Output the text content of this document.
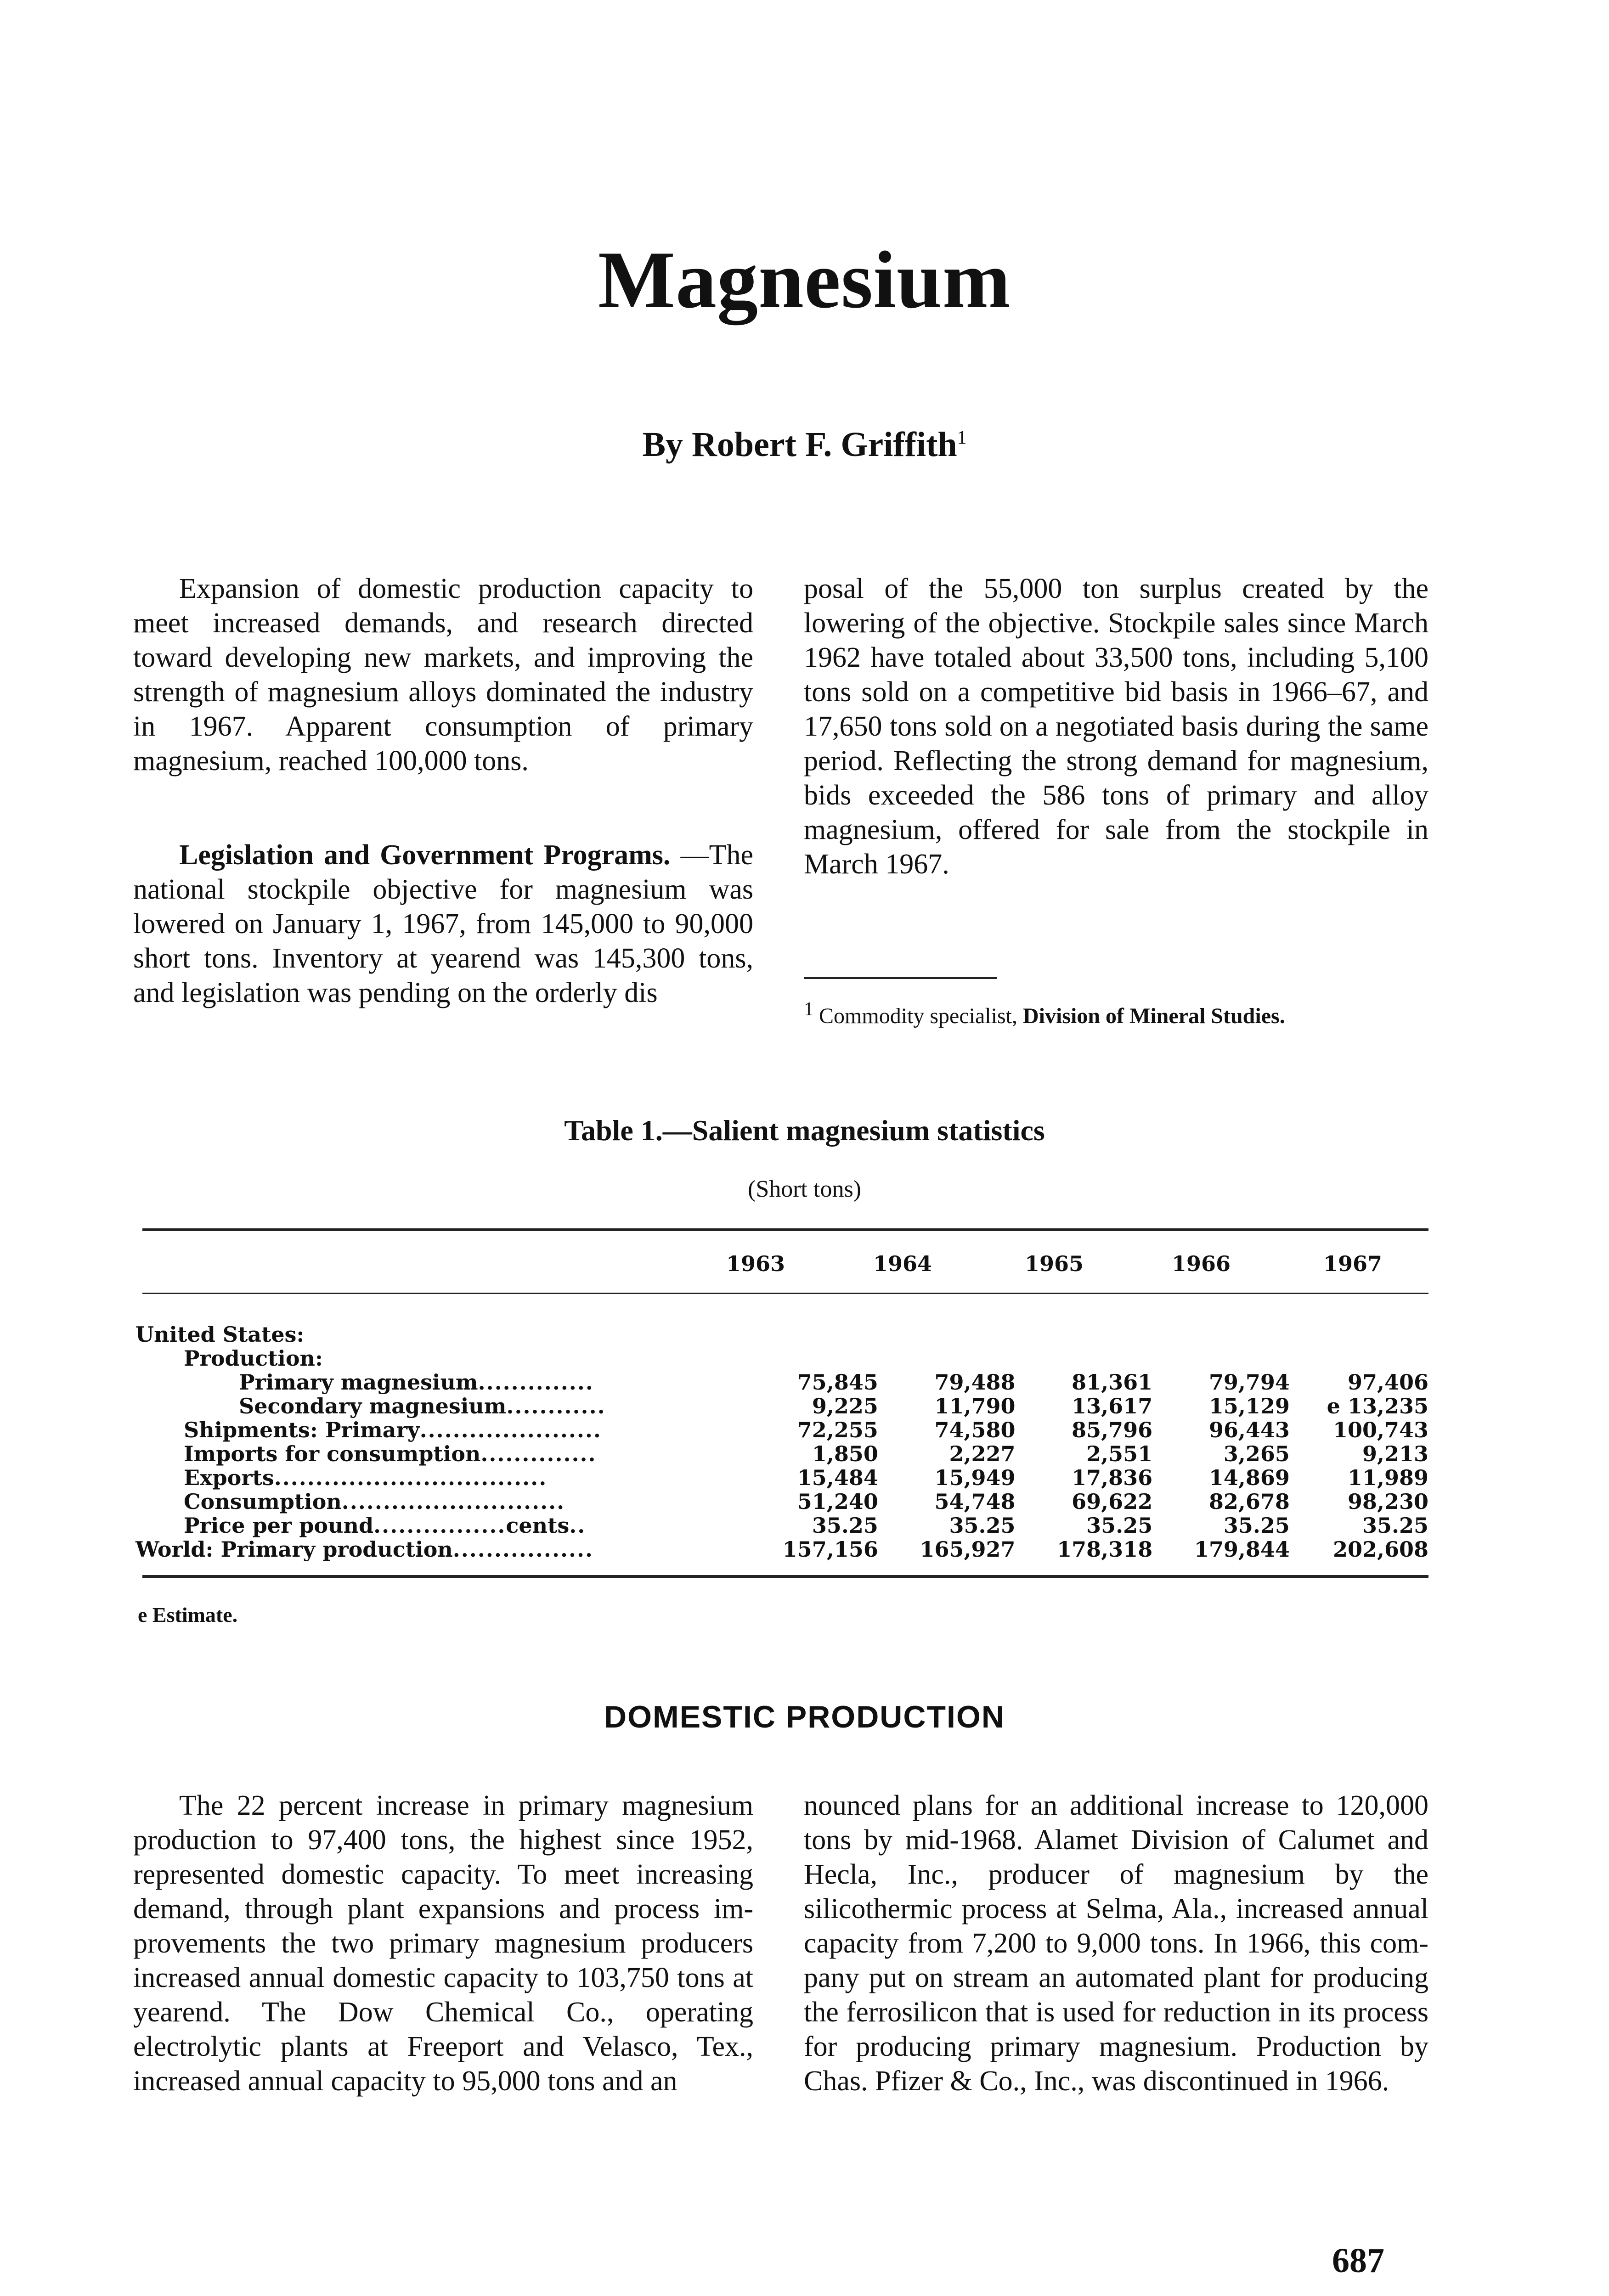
Magnesium
By Robert F. Griffith$^1$

Expansion of domestic production capacity to meet increased demands, and research directed toward developing new markets, and improving the strength of magnesium alloys dominated the industry in 1967. Apparent consumption of primary magnesium, reached 100,000 tons.

Legislation and Government Programs. —The national stockpile objective for magnesium was lowered on January 1, 1967, from 145,000 to 90,000 short tons. Inventory at yearend was 145,300 tons, and legislation was pending on the orderly dis

posal of the 55,000 ton surplus created by the lowering of the objective. Stockpile sales since March 1962 have totaled about 33,500 tons, including 5,100 tons sold on a competitive bid basis in 1966–67, and 17,650 tons sold on a negotiated basis during the same period. Reflecting the strong demand for magnesium, bids exceeded the 586 tons of primary and alloy magnesium, offered for sale from the stockpile in March 1967.

$^1$ Commodity specialist, Division of Mineral Studies.
Table 1.—Salient magnesium statistics
(Short tons)
1963	1964	1965	1966	1967
United States:					
Production:					
Primary magnesium..............	75,845	79,488	81,361	79,794	97,406
Secondary magnesium............	9,225	11,790	13,617	15,129	e 13,235
Shipments: Primary......................	72,255	74,580	85,796	96,443	100,743
Imports for consumption..............	1,850	2,227	2,551	3,265	9,213
Exports.................................	15,484	15,949	17,836	14,869	11,989
Consumption...........................	51,240	54,748	69,622	82,678	98,230
Price per pound................cents..	35.25	35.25	35.25	35.25	35.25
World: Primary production.................	157,156	165,927	178,318	179,844	202,608
e Estimate.
DOMESTIC PRODUCTION

The 22 percent increase in primary magnesium production to 97,400 tons, the highest since 1952, represented domestic capacity. To meet increasing demand, through plant expansions and process improvements the two primary magnesium producers increased annual domestic capacity to 103,750 tons at yearend. The Dow Chemical Co., operating electrolytic plants at Freeport and Velasco, Tex., increased annual capacity to 95,000 tons and an

nounced plans for an additional increase to 120,000 tons by mid-1968. Alamet Division of Calumet and Hecla, Inc., producer of magnesium by the silicothermic process at Selma, Ala., increased annual capacity from 7,200 to 9,000 tons. In 1966, this company put on stream an automated plant for producing the ferrosilicon that is used for reduction in its process for producing primary magnesium. Production by Chas. Pfizer & Co., Inc., was discontinued in 1966.

687
